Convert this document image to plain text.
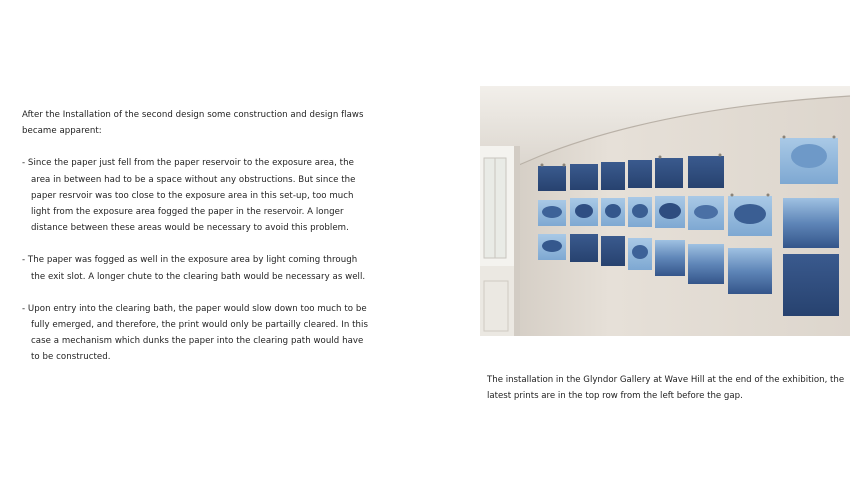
After the Installation of the second design some construction and design flaws became apparent:

- Since the paper just fell from the paper reservoir to the exposure area, the area in between had to be a space without any obstructions. But since the paper resrvoir was too close to the exposure area in this set-up, too much light from the exposure area fogged the paper in the reservoir. A longer distance between these areas would be necessary to avoid this problem.

- The paper was fogged as well in the exposure area by light coming through the exit slot. A longer chute to the clearing bath would be necessary as well.

- Upon entry into the clearing bath, the paper would slow down too much to be fully emerged, and therefore, the print would only be partailly cleared. In this case a mechanism which dunks the paper into the clearing path would have to be constructed.

The installation in the Glyndor Gallery at Wave Hill at the end of the exhibition, the latest prints are in the top row from the left before the gap.
